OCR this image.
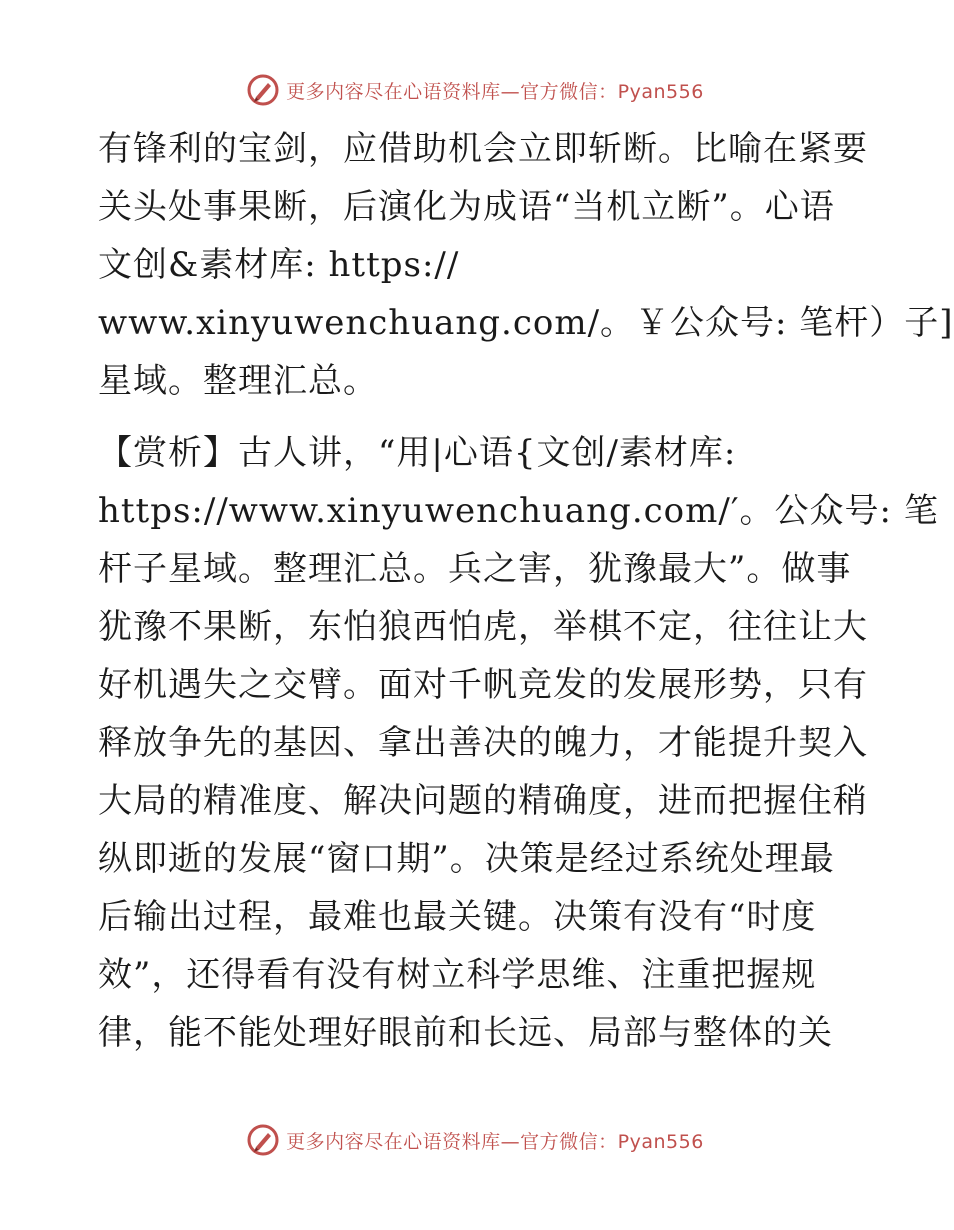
更多内容尽在心语资料库—官方微信：Pyan556
有锋利的宝剑，应借助机会立即斩断。比喻在紧要
关头处事果断，后演化为成语“当机立断”。心语
文创&素材库: https://
www.xinyuwenchuang.com/。￥公众号: 笔杆）子]
星域。整理汇总。
【赏析】古人讲，“用|心语{文创/素材库:
https://www.xinyuwenchuang.com/′。公众号: 笔
杆子星域。整理汇总。兵之害，犹豫最大”。做事
犹豫不果断，东怕狼西怕虎，举棋不定，往往让大
好机遇失之交臂。面对千帆竞发的发展形势，只有
释放争先的基因、拿出善决的魄力，才能提升契入
大局的精准度、解决问题的精确度，进而把握住稍
纵即逝的发展“窗口期”。决策是经过系统处理最
后输出过程，最难也最关键。决策有没有“时度
效”，还得看有没有树立科学思维、注重把握规
律，能不能处理好眼前和长远、局部与整体的关
更多内容尽在心语资料库—官方微信：Pyan556
